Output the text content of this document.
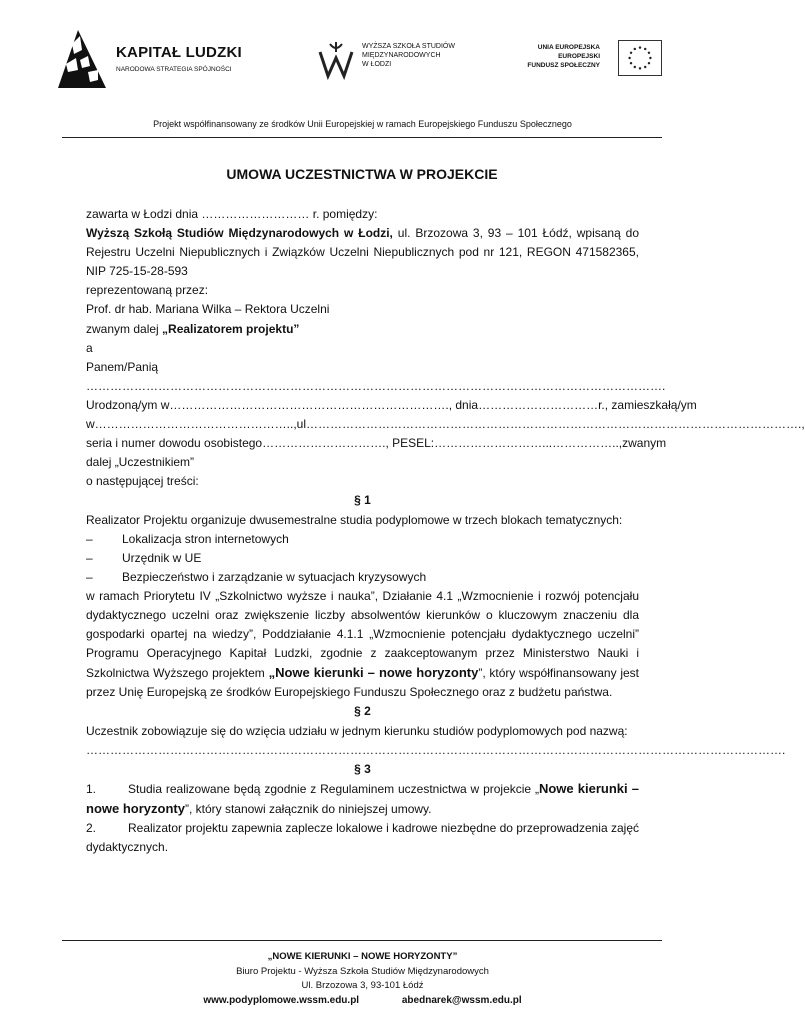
KAPITAŁ LUDZKI
NARODOWA STRATEGIA SPÓJNOŚCI
WYŻSZA SZKOŁA STUDIÓW
MIĘDZYNARODOWYCH
W ŁODZI
UNIA EUROPEJSKA
EUROPEJSKI
FUNDUSZ SPOŁECZNY
Projekt współfinansowany ze środków Unii Europejskiej w ramach Europejskiego Funduszu Społecznego
UMOWA UCZESTNICTWA W PROJEKCIE

zawarta w Łodzi dnia ……………………… r. pomiędzy:

Wyższą Szkołą Studiów Międzynarodowych w Łodzi, ul. Brzozowa 3, 93 – 101 Łódź, wpisaną do Rejestru Uczelni Niepublicznych i Związków Uczelni Niepublicznych pod nr 121, REGON 471582365, NIP 725-15-28-593

reprezentowaną przez:

Prof. dr hab. Mariana Wilka – Rektora Uczelni

zwanym dalej „Realizatorem projektu”

a

Panem/Panią ……………………………………………………………………………………………………………………………….

Urodzoną/ym w ……………………………………………………………., dnia …………………………r., zamieszkałą/ym

w………………………………………….., ul…………………………………………………………………………………………………………….,

seria i numer dowodu osobistego …………………………., PESEL: ………………………...……………..,zwanym

dalej „Uczestnikiem”

o następującej treści:

§ 1

Realizator Projektu organizuje dwusemestralne studia podyplomowe w trzech blokach tematycznych:

–	Lokalizacja stron internetowych
–	Urzędnik w UE
–	Bezpieczeństwo i zarządzanie w sytuacjach kryzysowych

w ramach Priorytetu IV „Szkolnictwo wyższe i nauka”, Działanie 4.1 „Wzmocnienie i rozwój potencjału dydaktycznego uczelni oraz zwiększenie liczby absolwentów kierunków o kluczowym znaczeniu dla gospodarki opartej na wiedzy”, Poddziałanie 4.1.1 „Wzmocnienie potencjału dydaktycznego uczelni” Programu Operacyjnego Kapitał Ludzki, zgodnie z zaakceptowanym przez Ministerstwo Nauki i Szkolnictwa Wyższego projektem „Nowe kierunki – nowe horyzonty”, który współfinansowany jest przez Unię Europejską ze środków Europejskiego Funduszu Społecznego oraz z budżetu państwa.

§ 2

Uczestnik zobowiązuje się do wzięcia udziału w jednym kierunku studiów podyplomowych pod nazwą:

………………………………………………………………………………………………………………………………………………………….

§ 3

1.	Studia realizowane będą zgodnie z Regulaminem uczestnictwa w projekcie „Nowe kierunki – nowe horyzonty”, który stanowi załącznik do niniejszej umowy.

2.	Realizator projektu zapewnia zaplecze lokalowe i kadrowe niezbędne do przeprowadzenia zajęć dydaktycznych.

„NOWE KIERUNKI – NOWE HORYZONTY”
Biuro Projektu - Wyższa Szkoła Studiów Międzynarodowych
Ul. Brzozowa 3, 93-101 Łódź
www.podyplomowe.wssm.edu.pl	abednarek@wssm.edu.pl
